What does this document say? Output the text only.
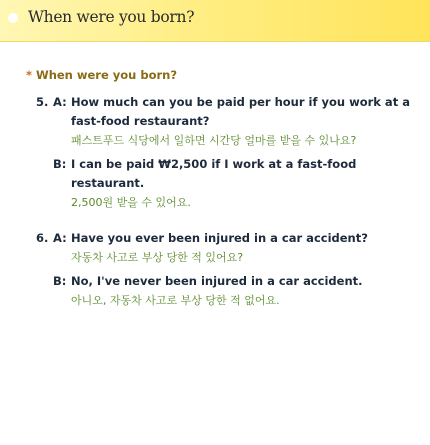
When were you born?
* When were you born?
5. A: How much can you be paid per hour if you work at a fast-food restaurant?
패스트푸드 식당에서 일하면 시간당 얼마를 받을 수 있나요?
B: I can be paid ₩2,500 if I work at a fast-food restaurant.
2,500원 받을 수 있어요.
6. A: Have you ever been injured in a car accident?
자동차 사고로 부상 당한 적 있어요?
B: No, I've never been injured in a car accident.
아니오, 자동차 사고로 부상 당한 적 없어요.
